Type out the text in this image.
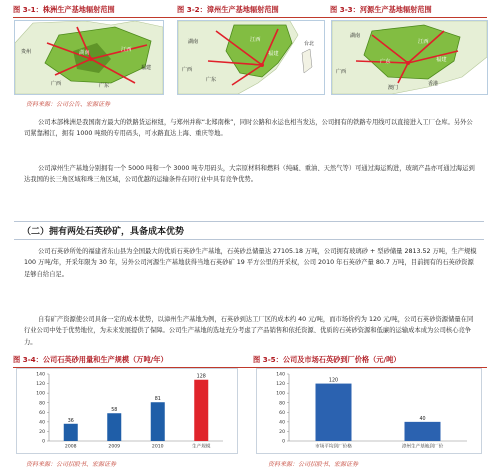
图 3-1：株洲生产基地辐射范围	图 3-2：漳州生产基地辐射范围	图 3-3：河源生产基地辐射范围
湖南
广西	广东
江西
福建
贵州
江西
湖南
广东
广西
福建
台北
湖南
江西
福建
广西
广东
香港
澳门
资料来源：公司公告、宏源证券
公司本部株洲是我国南方最大的铁路货运枢纽，与郑州并称“北郑南株”，同时公路和水运也相当发达，公司拥有的铁路专用线可以直接进入工厂仓库。另外公司紧靠湘江，拥有 1000 吨级的专用码头，可水路直达上海、重庆等地。
公司漳州生产基地分别拥有一个 5000 吨和一个 3000 吨专用码头，大宗原材料和燃料（纯碱、重油、天然气等）可通过海运购进，玻璃产品亦可通过海运到达我国的长三角区域和珠三角区域，公司优越的运输条件在同行业中具有竞争优势。
（二）拥有两处石英砂矿，具备成本优势
公司石英砂所处的福建省东山县为全国最大的优质石英砂生产基地，石英砂总储量达 27105.18 万吨，公司拥有玻璃砂 + 型砂储量 2813.52 万吨，生产规模 100 万吨/年，开采年限为 30 年，另外公司河源生产基地获得当地石英砂矿 19 平方公里的开采权，公司 2010 年石英砂产量 80.7 万吨，目前拥有的石英砂资源足够自给自足。
自有矿产资源使公司具备一定的成本优势，以漳州生产基地为例，石英砂到达工厂区的成本约 40 元/吨，而市场价约为 120 元/吨，公司石英砂资源储量在同行业公司中处于优势地位，为未来发展提供了保障。公司生产基地的选址充分考虑了产品销售和依托资源、优质的石英砂资源和低廉的运输成本成为公司核心竞争力。
图 3-4：公司石英砂用量和生产规模（万吨/年）	图 3-5：公司及市场石英砂到厂价格（元/吨）
0
20
40
60
80
100
120
140
36
2008
58
2009
81
2010
128
生产规模
0
20
40
60
80
100
120
140
120
市场平均到厂价格
40
漳州生产基地到厂价
资料来源：公司招股书、宏源证券	资料来源：公司招股书、宏源证券
